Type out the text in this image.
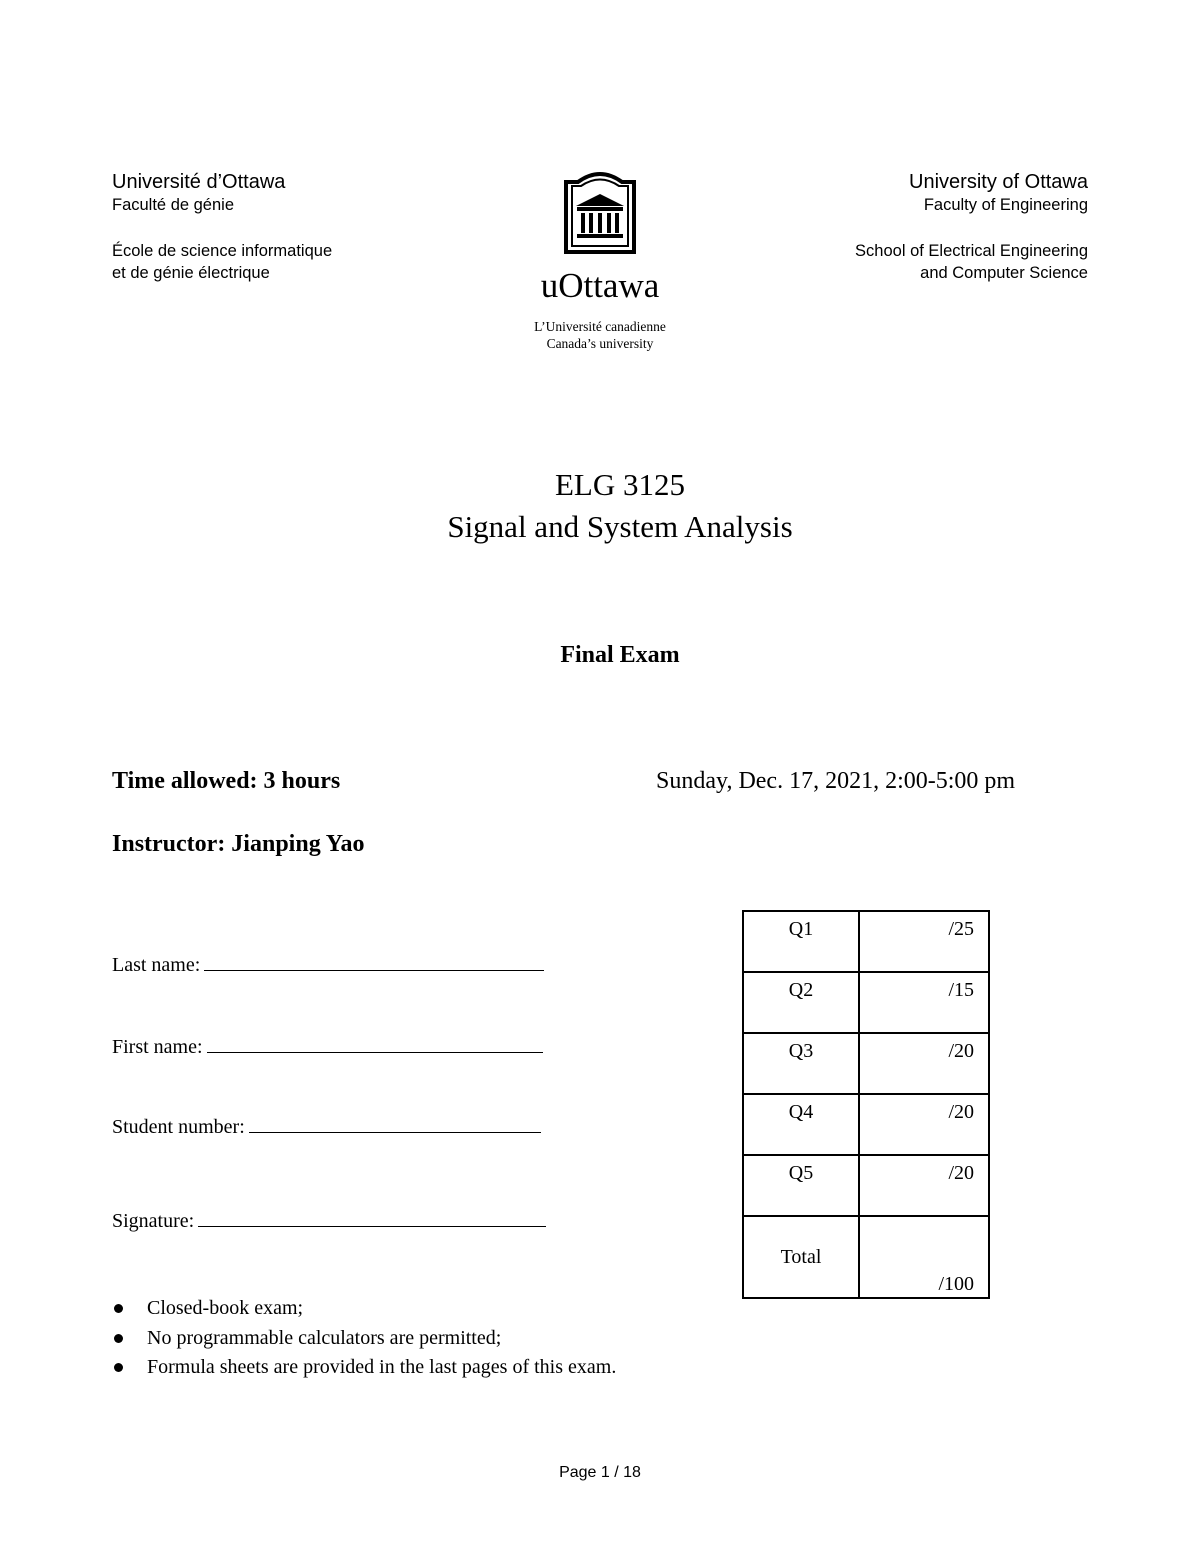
Université d’Ottawa
Faculté de génie
École de science informatique
et de génie électrique	uOttawa
L’Université canadienne
Canada’s university
University of Ottawa
Faculty of Engineering
School of Electrical Engineering
and Computer Science
ELG 3125
Signal and System Analysis
Final Exam
Time allowed: 3 hours	Sunday, Dec. 17, 2021, 2:00-5:00 pm
Instructor: Jianping Yao
Last name:
First name:
Student number:
Signature:
Q1	/25
Q2	/15
Q3	/20
Q4	/20
Q5	/20
Total	/100
Closed-book exam;
No programmable calculators are permitted;
Formula sheets are provided in the last pages of this exam.
Page 1 / 18
